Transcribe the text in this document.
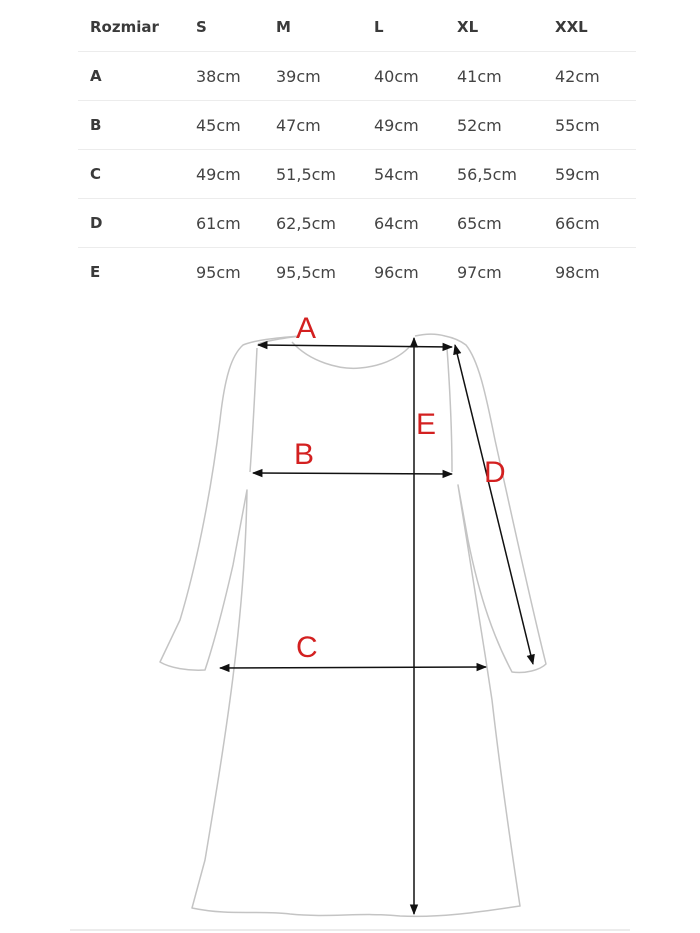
Rozmiar	S	M	L	XL	XXL
A	38cm	39cm	40cm	41cm	42cm
B	45cm	47cm	49cm	52cm	55cm
C	49cm	51,5cm	54cm	56,5cm	59cm
D	61cm	62,5cm	64cm	65cm	66cm
E	95cm	95,5cm	96cm	97cm	98cm
A
B
C
D
E
